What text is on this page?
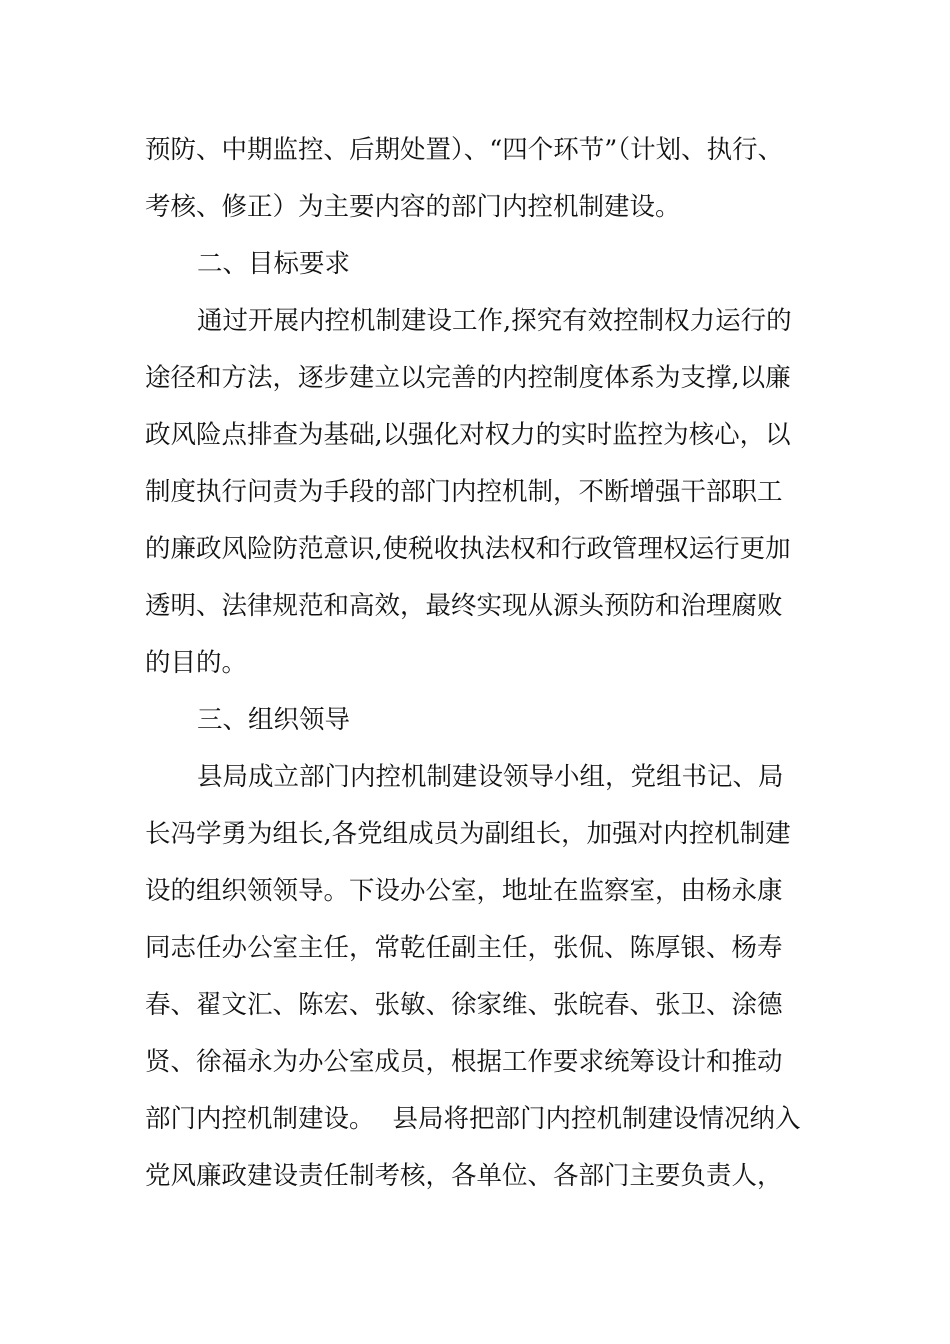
预防、中期监控、后期处置）、“四个环节”（计划、执行、
考核、修正）为主要内容的部门内控机制建设。
二、目标要求
通过开展内控机制建设工作,探究有效控制权力运行的
途径和方法，逐步建立以完善的内控制度体系为支撑,以廉
政风险点排查为基础,以强化对权力的实时监控为核心，以
制度执行问责为手段的部门内控机制，不断增强干部职工
的廉政风险防范意识,使税收执法权和行政管理权运行更加
透明、法律规范和高效，最终实现从源头预防和治理腐败
的目的。
三、组织领导
县局成立部门内控机制建设领导小组，党组书记、局
长冯学勇为组长,各党组成员为副组长，加强对内控机制建
设的组织领领导。下设办公室，地址在监察室，由杨永康
同志任办公室主任，常乾任副主任，张侃、陈厚银、杨寿
春、翟文汇、陈宏、张敏、徐家维、张皖春、张卫、涂德
贤、徐福永为办公室成员，根据工作要求统筹设计和推动
部门内控机制建设。 县局将把部门内控机制建设情况纳入
党风廉政建设责任制考核，各单位、各部门主要负责人，
